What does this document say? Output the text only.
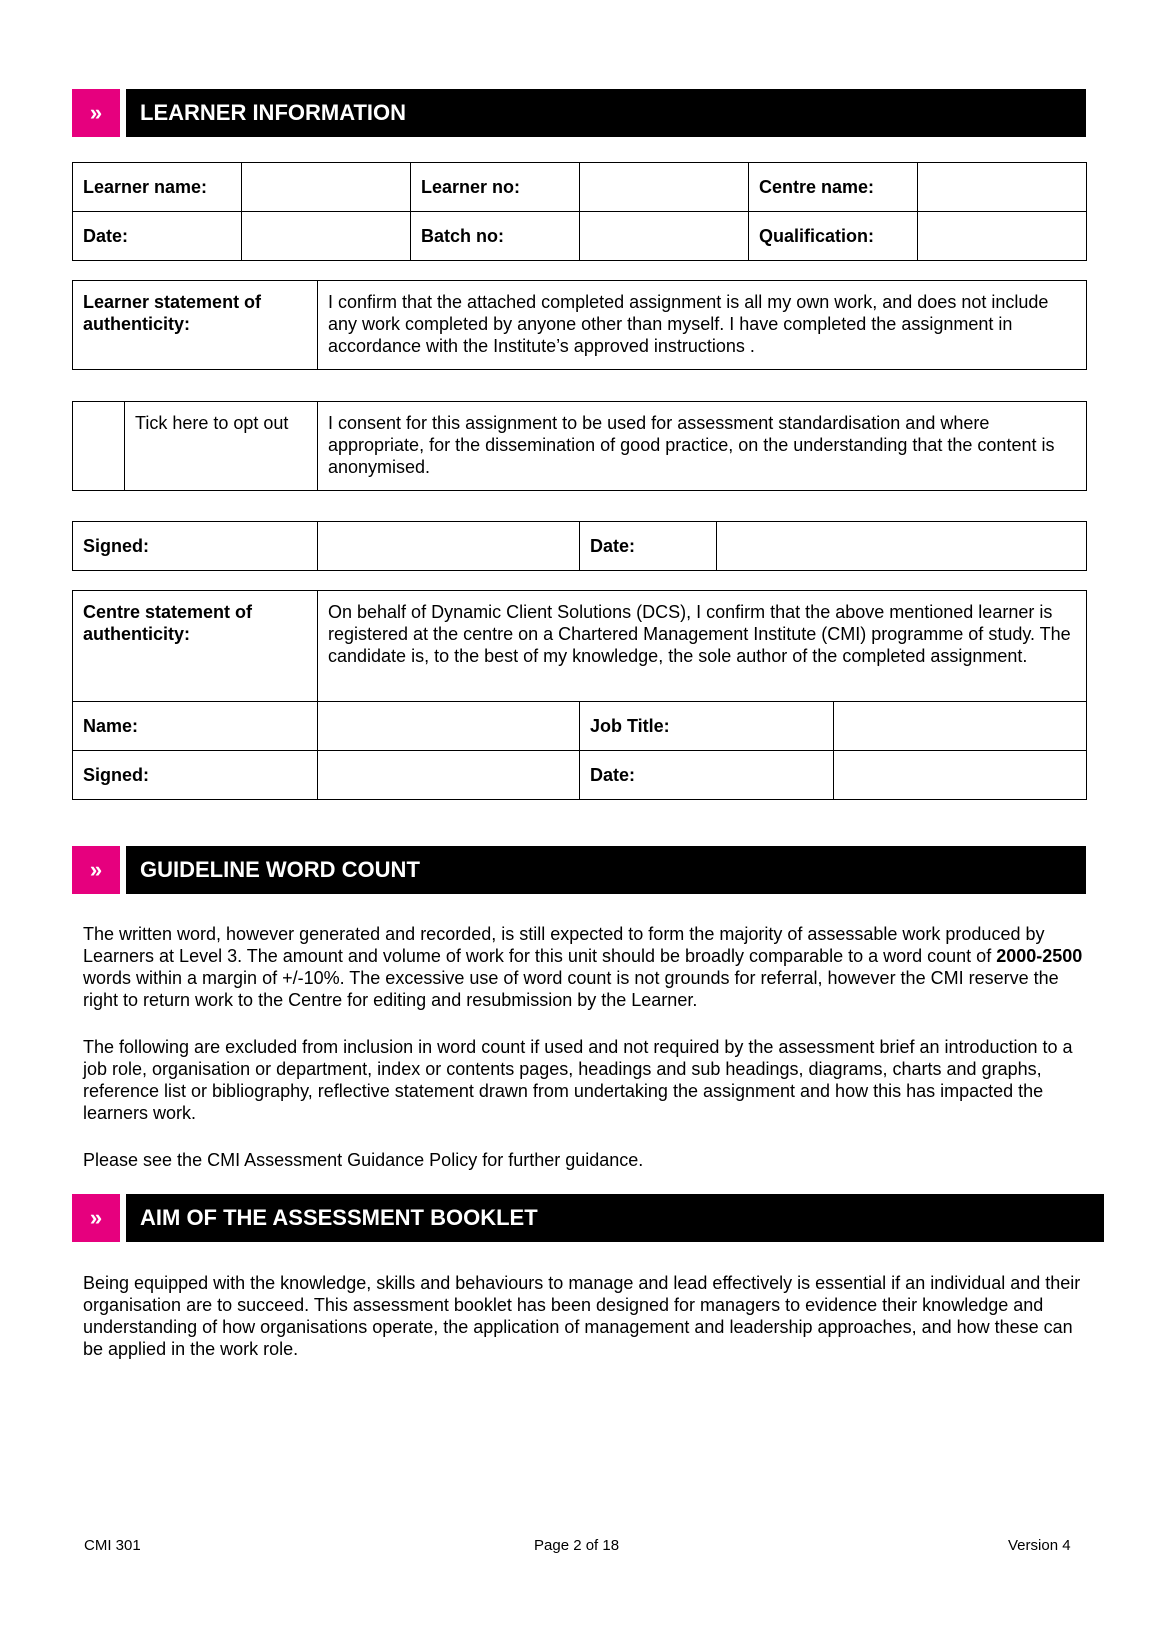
»	LEARNER INFORMATION
Learner name:		Learner no:		Centre name:	
Date:		Batch no:		Qualification:	
Learner statement of authenticity:	I confirm that the attached completed assignment is all my own work, and does not include any work completed by anyone other than myself. I have completed the assignment in accordance with the Institute’s approved instructions .
	Tick here to opt out	I consent for this assignment to be used for assessment standardisation and where appropriate, for the dissemination of good practice, on the understanding that the content is anonymised.
Signed:		Date:	
Centre statement of authenticity:	On behalf of Dynamic Client Solutions (DCS), I confirm that the above mentioned learner is registered at the centre on a Chartered Management Institute (CMI) programme of study. The candidate is, to the best of my knowledge, the sole author of the completed assignment.		
Name:		Job Title:	
Signed:		Date:	
»	GUIDELINE WORD COUNT
The written word, however generated and recorded, is still expected to form the majority of assessable work produced by Learners at Level 3. The amount and volume of work for this unit should be broadly comparable to a word count of 2000-2500 words within a margin of +/-10%. The excessive use of word count is not grounds for referral, however the CMI reserve the right to return work to the Centre for editing and resubmission by the Learner.
The following are excluded from inclusion in word count if used and not required by the assessment brief an introduction to a job role, organisation or department, index or contents pages, headings and sub headings, diagrams, charts and graphs, reference list or bibliography, reflective statement drawn from undertaking the assignment and how this has impacted the learners work.
Please see the CMI Assessment Guidance Policy for further guidance.
»	AIM OF THE ASSESSMENT BOOKLET
Being equipped with the knowledge, skills and behaviours to manage and lead effectively is essential if an individual and their organisation are to succeed. This assessment booklet has been designed for managers to evidence their knowledge and understanding of how organisations operate, the application of management and leadership approaches, and how these can be applied in the work role.
CMI 301	Page 2 of 18	Version 4
